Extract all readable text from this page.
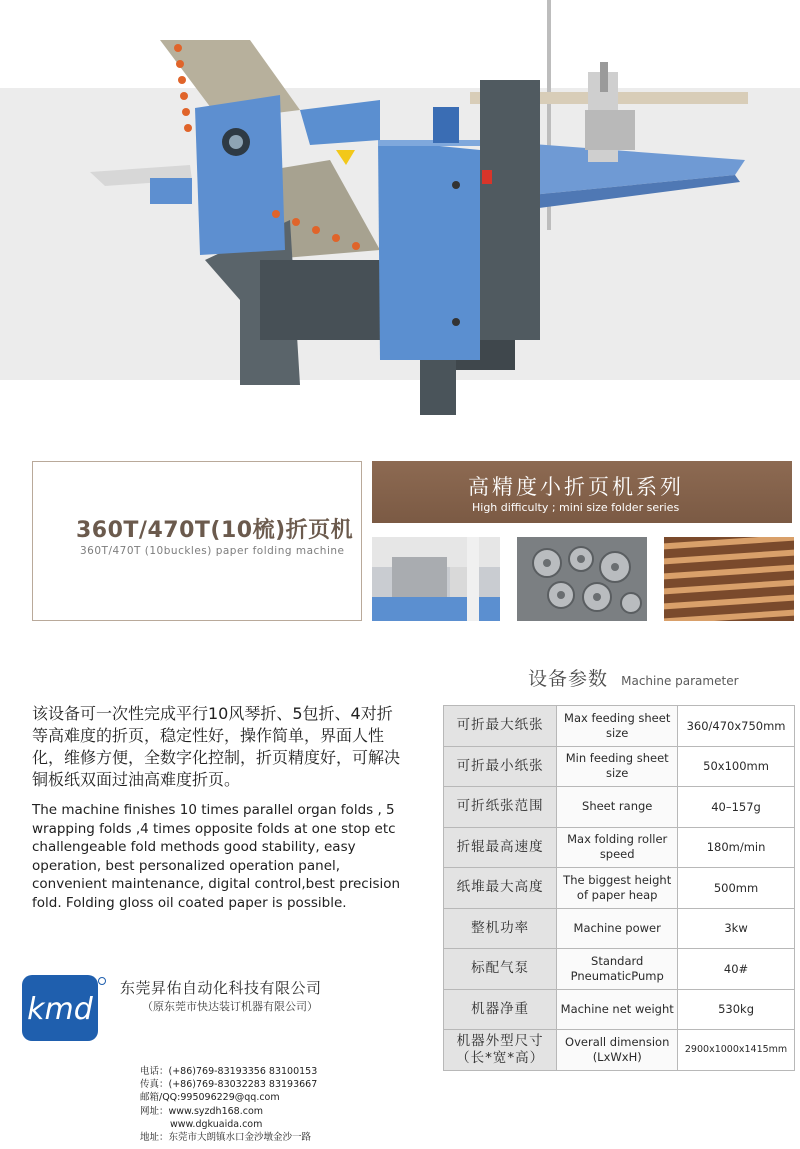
360T/470T(10梳)折页机
360T/470T (10buckles) paper folding machine
高精度小折页机系列
High difficulty ; mini size folder series
该设备可一次性完成平行10风琴折、5包折、4对折等高难度的折页，稳定性好，操作简单，界面人性化，维修方便，全数字化控制，折页精度好，可解决铜板纸双面过油高难度折页。
The machine finishes 10 times parallel organ folds , 5 wrapping folds ,4 times opposite folds at one stop etc challengeable fold methods good stability, easy operation, best personalized operation panel, convenient maintenance, digital control,best precision fold. Folding gloss oil coated paper is possible.
设备参数 Machine parameter
可折最大纸张	Max feeding sheet size	360/470x750mm
可折最小纸张	Min feeding sheet size	50x100mm
可折纸张范围	Sheet range	40–157g
折辊最高速度	Max folding roller speed	180m/min
纸堆最大高度	The biggest height of paper heap	500mm
整机功率	Machine power	3kw
标配气泵	Standard PneumaticPump	40#
机器净重	Machine net weight	530kg
机器外型尺寸
（长*宽*高）	Overall dimension (LxWxH)	2900x1000x1415mm
kmd
东莞昇佑自动化科技有限公司
（原东莞市快达装订机器有限公司）
电话：(+86)769-83193356 83100153
传真：(+86)769-83032283 83193667
邮箱/QQ:995096229@qq.com
网址：www.syzdh168.com
www.dgkuaida.com
地址：东莞市大朗镇水口金沙墩金沙一路
